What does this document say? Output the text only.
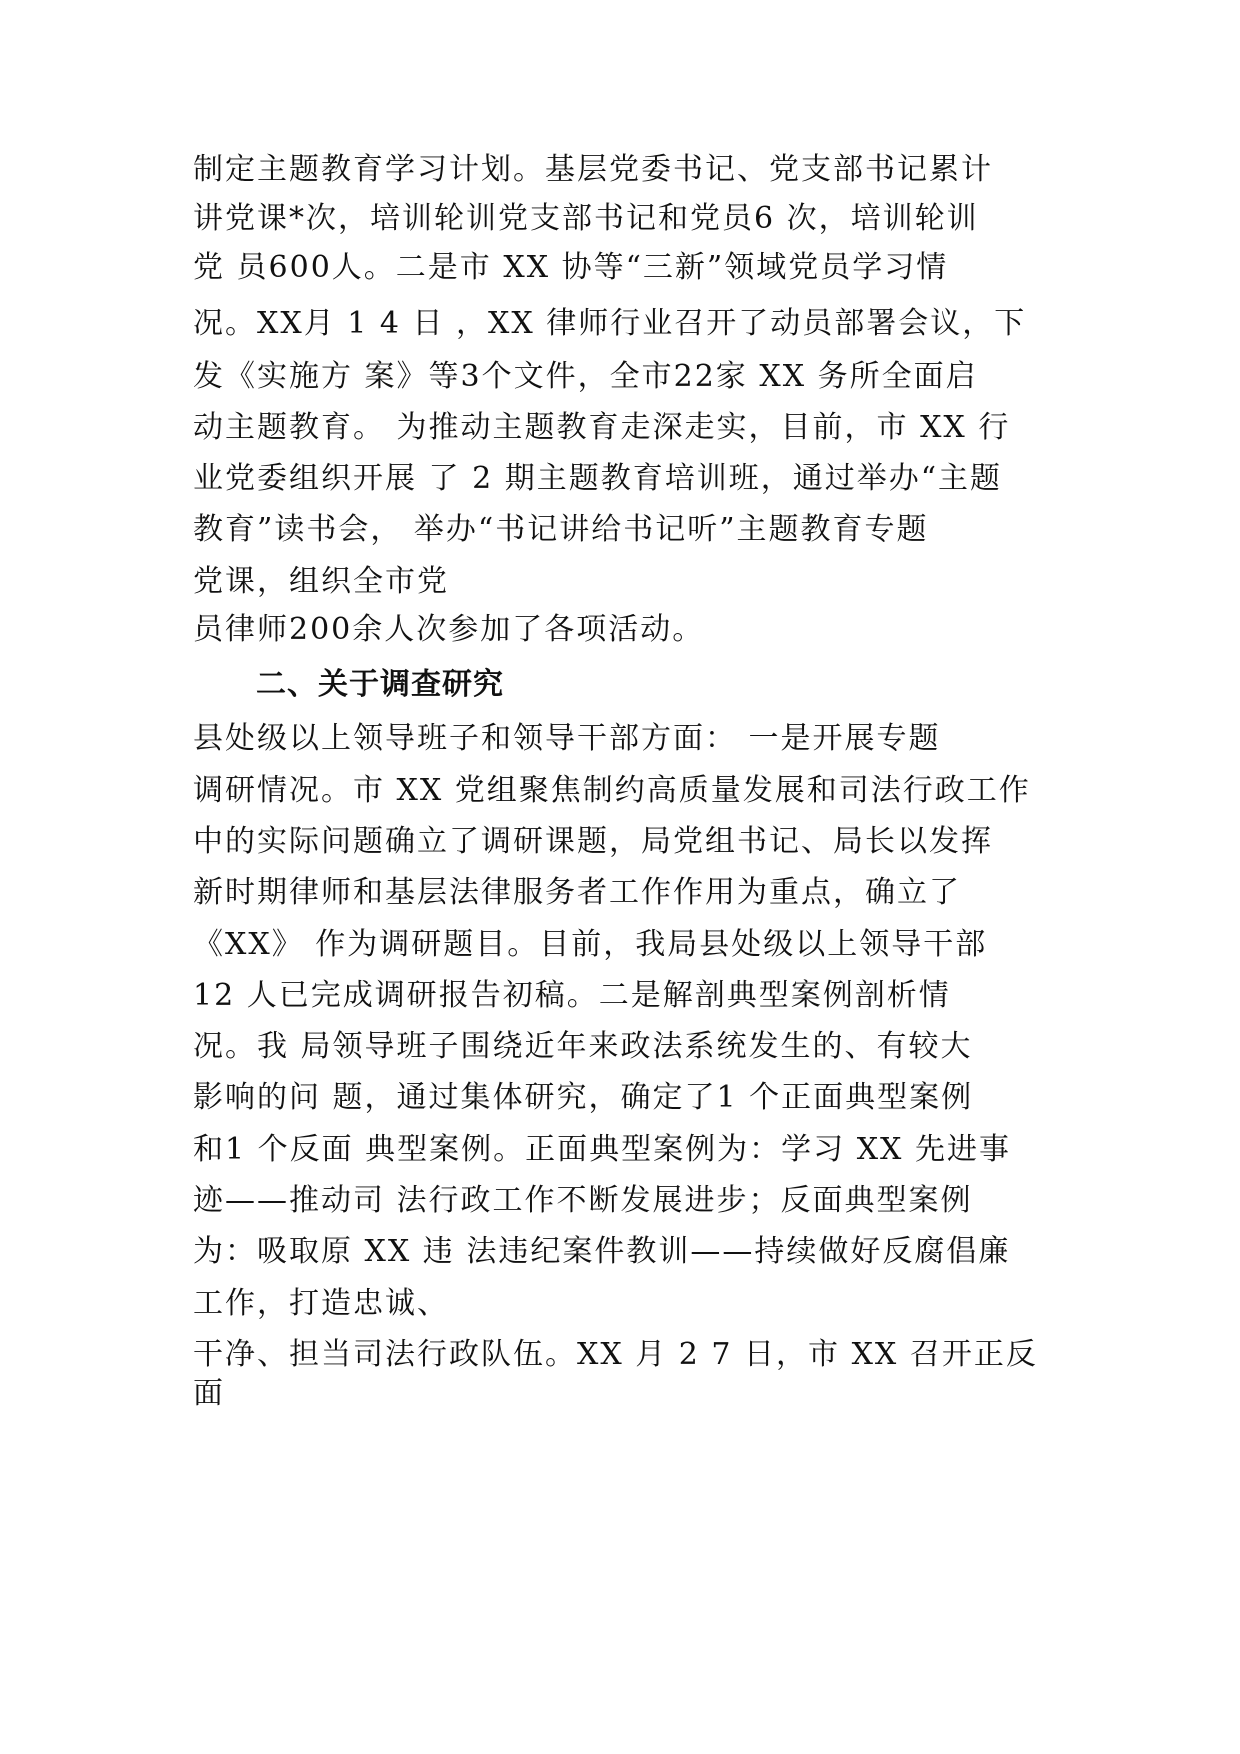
制定主题教育学习计划。基层党委书记、党支部书记累计
讲党课*次，培训轮训党支部书记和党员6 次，培训轮训
党 员600人。二是市 XX 协等“三新”领域党员学习情
况。XX月 1 4 日 ，XX 律师行业召开了动员部署会议，下
发《实施方 案》等3个文件，全市22家 XX 务所全面启
动主题教育。 为推动主题教育走深走实，目前，市 XX 行
业党委组织开展 了 2 期主题教育培训班，通过举办“主题
教育”读书会， 举办“书记讲给书记听”主题教育专题
党课，组织全市党
员律师200余人次参加了各项活动。
二、关于调查研究
县处级以上领导班子和领导干部方面： 一是开展专题
调研情况。市 XX 党组聚焦制约高质量发展和司法行政工作
中的实际问题确立了调研课题，局党组书记、局长以发挥
新时期律师和基层法律服务者工作作用为重点，确立了
《XX》 作为调研题目。目前，我局县处级以上领导干部
12 人已完成调研报告初稿。二是解剖典型案例剖析情
况。我 局领导班子围绕近年来政法系统发生的、有较大
影响的问 题，通过集体研究，确定了1 个正面典型案例
和1 个反面 典型案例。正面典型案例为：学习 XX 先进事
迹——推动司 法行政工作不断发展进步；反面典型案例
为：吸取原 XX 违 法违纪案件教训——持续做好反腐倡廉
工作，打造忠诚、
干净、担当司法行政队伍。XX 月 2 7 日，市 XX 召开正反
面
